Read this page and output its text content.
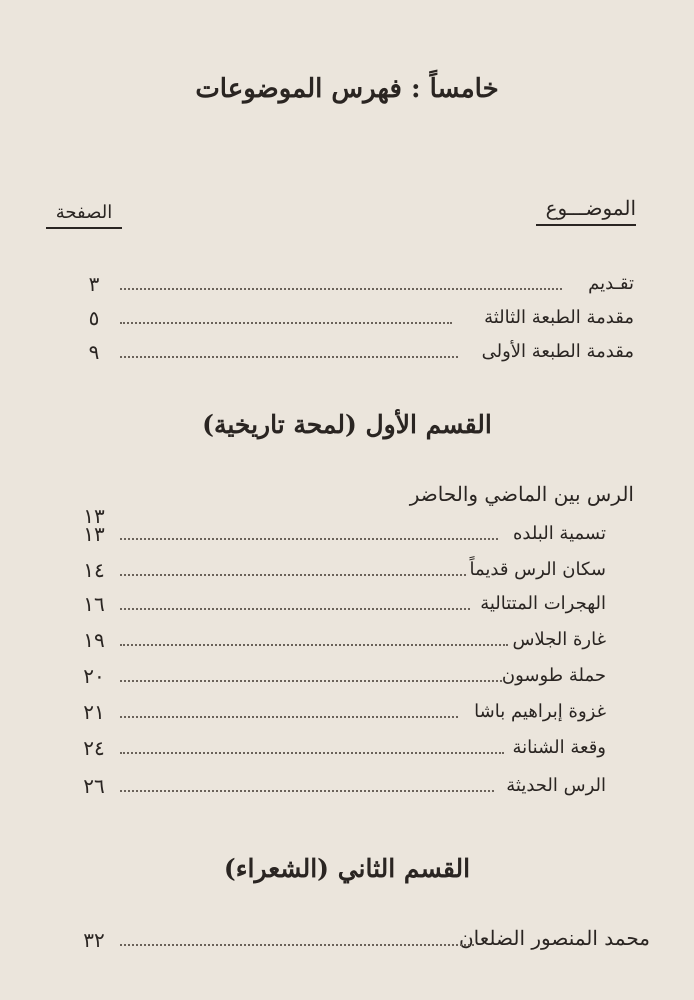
خامساً : فهرس الموضوعات
الموضـــوع
الصفحة
تقـديم
٣
مقدمة الطبعة الثالثة
٥
مقدمة الطبعة الأولى
٩
القسم الأول (لمحة تاريخية)
الرس بين الماضي والحاضر
١٣
تسمية البلده
١٣
سكان الرس قديماً
١٤
الهجرات المتتالية
١٦
غارة الجلاس
١٩
حملة طوسون
٢٠
غزوة إبراهيم باشا
٢١
وقعة الشنانة
٢٤
الرس الحديثة
٢٦
القسم الثاني (الشعراء)
محمد المنصور الضلعان
٣٢
